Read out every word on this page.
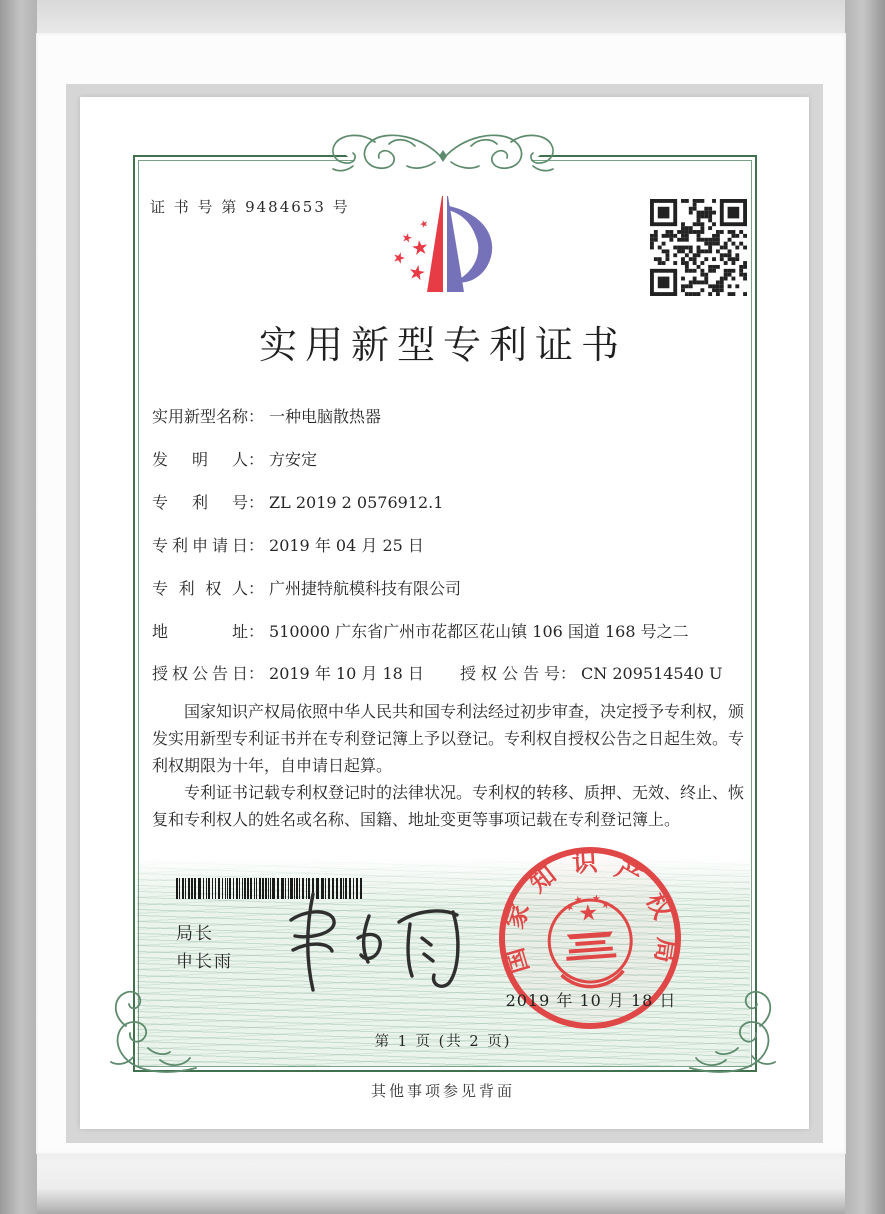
证 书 号 第 9484653 号
实用新型专利证书
实用新型名称： 一种电脑散热器
发明人： 方安定
专利号： ZL 2019 2 0576912.1
专利申请日： 2019 年 04 月 25 日
专利权人： 广州捷特航模科技有限公司
地址： 510000 广东省广州市花都区花山镇 106 国道 168 号之二
授权公告日： 2019 年 10 月 18 日 授权公告号： CN 209514540 U

国家知识产权局依照中华人民共和国专利法经过初步审查，决定授予专利权，颁发实用新型专利证书并在专利登记簿上予以登记。专利权自授权公告之日起生效。专利权期限为十年，自申请日起算。

专利证书记载专利权登记时的法律状况。专利权的转移、质押、无效、终止、恢复和专利权人的姓名或名称、国籍、地址变更等事项记载在专利登记簿上。

局长
申长雨	国家知识产权局
2019 年 10 月 18 日
第 1 页 (共 2 页)
其他事项参见背面
